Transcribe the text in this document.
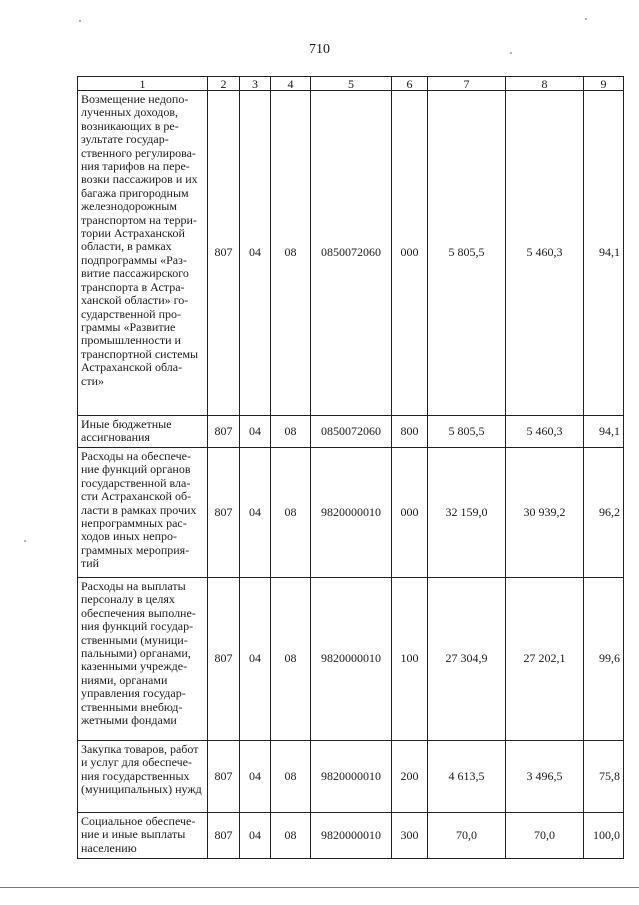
710
1	2	3	4	5	6	7	8	9
Возмещение недопо-лученных доходов, возникающих в ре-зультате государ-ственного регулирова-ния тарифов на пере-возки пассажиров и их багажа пригородным железнодорожным транспортом на терри-тории Астраханской области, в рамках подпрограммы «Раз-витие пассажирского транспорта в Астра-ханской области» го-сударственной про-граммы «Развитие промышленности и транспортной системы Астраханской обла-сти»	807	04	08	0850072060	000	5 805,5	5 460,3	94,1
Иные бюджетные ассигнования	807	04	08	0850072060	800	5 805,5	5 460,3	94,1
Расходы на обеспече-ние функций органов государственной вла-сти Астраханской об-ласти в рамках прочих непрограммных рас-ходов иных непро-граммных мероприя-тий	807	04	08	9820000010	000	32 159,0	30 939,2	96,2
Расходы на выплаты персоналу в целях обеспечения выполне-ния функций государ-ственными (муници-пальными) органами, казенными учрежде-ниями, органами управления государ-ственными внебюд-жетными фондами	807	04	08	9820000010	100	27 304,9	27 202,1	99,6
Закупка товаров, работ и услуг для обеспече-ния государственных (муниципальных) нужд	807	04	08	9820000010	200	4 613,5	3 496,5	75,8
Социальное обеспече-ние и иные выплаты населению	807	04	08	9820000010	300	70,0	70,0	100,0
